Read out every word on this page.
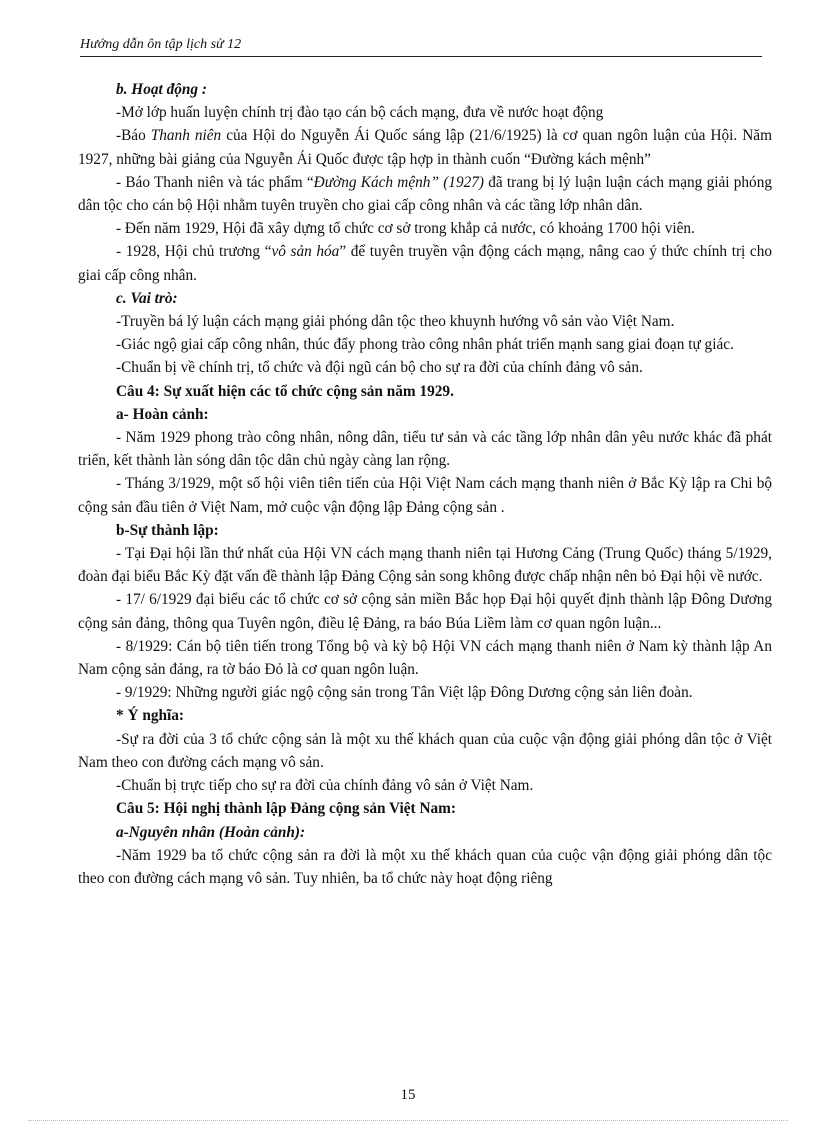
Hướng dẫn ôn tập lịch sử 12

b. Hoạt động :

-Mở lớp huấn luyện chính trị đào tạo cán bộ cách mạng, đưa về nước hoạt động

-Báo Thanh niên của Hội do Nguyễn Ái Quốc sáng lập (21/6/1925) là cơ quan ngôn luận của Hội. Năm 1927, những bài giảng của Nguyễn Ái Quốc được tập hợp in thành cuốn “Đường kách mệnh”

- Báo Thanh niên và tác phẩm “Đường Kách mệnh” (1927) đã trang bị lý luận luận cách mạng giải phóng dân tộc cho cán bộ Hội nhằm tuyên truyền cho giai cấp công nhân và các tầng lớp nhân dân.

- Đến năm 1929, Hội đã xây dựng tổ chức cơ sở trong khắp cả nước, có khoảng 1700 hội viên.

- 1928, Hội chủ trương “vô sản hóa” để tuyên truyền vận động cách mạng, nâng cao ý thức chính trị cho giai cấp công nhân.

c. Vai trò:

-Truyền bá lý luận cách mạng giải phóng dân tộc theo khuynh hướng vô sản vào Việt Nam.

-Giác ngộ giai cấp công nhân, thúc đẩy phong trào công nhân phát triển mạnh sang giai đoạn tự giác.

-Chuẩn bị về chính trị, tổ chức và đội ngũ cán bộ cho sự ra đời của chính đảng vô sản.

Câu 4: Sự xuất hiện các tổ chức cộng sản năm 1929.

a- Hoàn cảnh:

- Năm 1929 phong trào công nhân, nông dân, tiểu tư sản và các tầng lớp nhân dân yêu nước khác đã phát triển, kết thành làn sóng dân tộc dân chủ ngày càng lan rộng.

- Tháng 3/1929, một số hội viên tiên tiến của Hội Việt Nam cách mạng thanh niên ở Bắc Kỳ lập ra Chi bộ cộng sản đầu tiên ở Việt Nam, mở cuộc vận động lập Đảng cộng sản .

b-Sự thành lập:

- Tại Đại hội lần thứ nhất của Hội VN cách mạng thanh niên tại Hương Cảng (Trung Quốc) tháng 5/1929, đoàn đại biểu Bắc Kỳ đặt vấn đề thành lập Đảng Cộng sản song không được chấp nhận nên bỏ Đại hội về nước.

- 17/ 6/1929 đại biểu các tổ chức cơ sở cộng sản miền Bắc họp Đại hội quyết định thành lập Đông Dương cộng sản đảng, thông qua Tuyên ngôn, điều lệ Đảng, ra báo Búa Liềm làm cơ quan ngôn luận...

- 8/1929: Cán bộ tiên tiến trong Tổng bộ và kỳ bộ Hội VN cách mạng thanh niên ở Nam kỳ thành lập An Nam cộng sản đảng, ra tờ báo Đỏ là cơ quan ngôn luận.

- 9/1929: Những người giác ngộ cộng sản trong Tân Việt lập Đông Dương cộng sản liên đoàn.

* Ý nghĩa:

-Sự ra đời của 3 tổ chức cộng sản là một xu thế khách quan của cuộc vận động giải phóng dân tộc ở Việt Nam theo con đường cách mạng vô sản.

-Chuẩn bị trực tiếp cho sự ra đời của chính đảng vô sản ở Việt Nam.

Câu 5: Hội nghị thành lập Đảng cộng sản Việt Nam:

a-Nguyên nhân (Hoàn cảnh):

-Năm 1929 ba tổ chức cộng sản ra đời là một xu thế khách quan của cuộc vận động giải phóng dân tộc theo con đường cách mạng vô sản. Tuy nhiên, ba tổ chức này hoạt động riêng

15
